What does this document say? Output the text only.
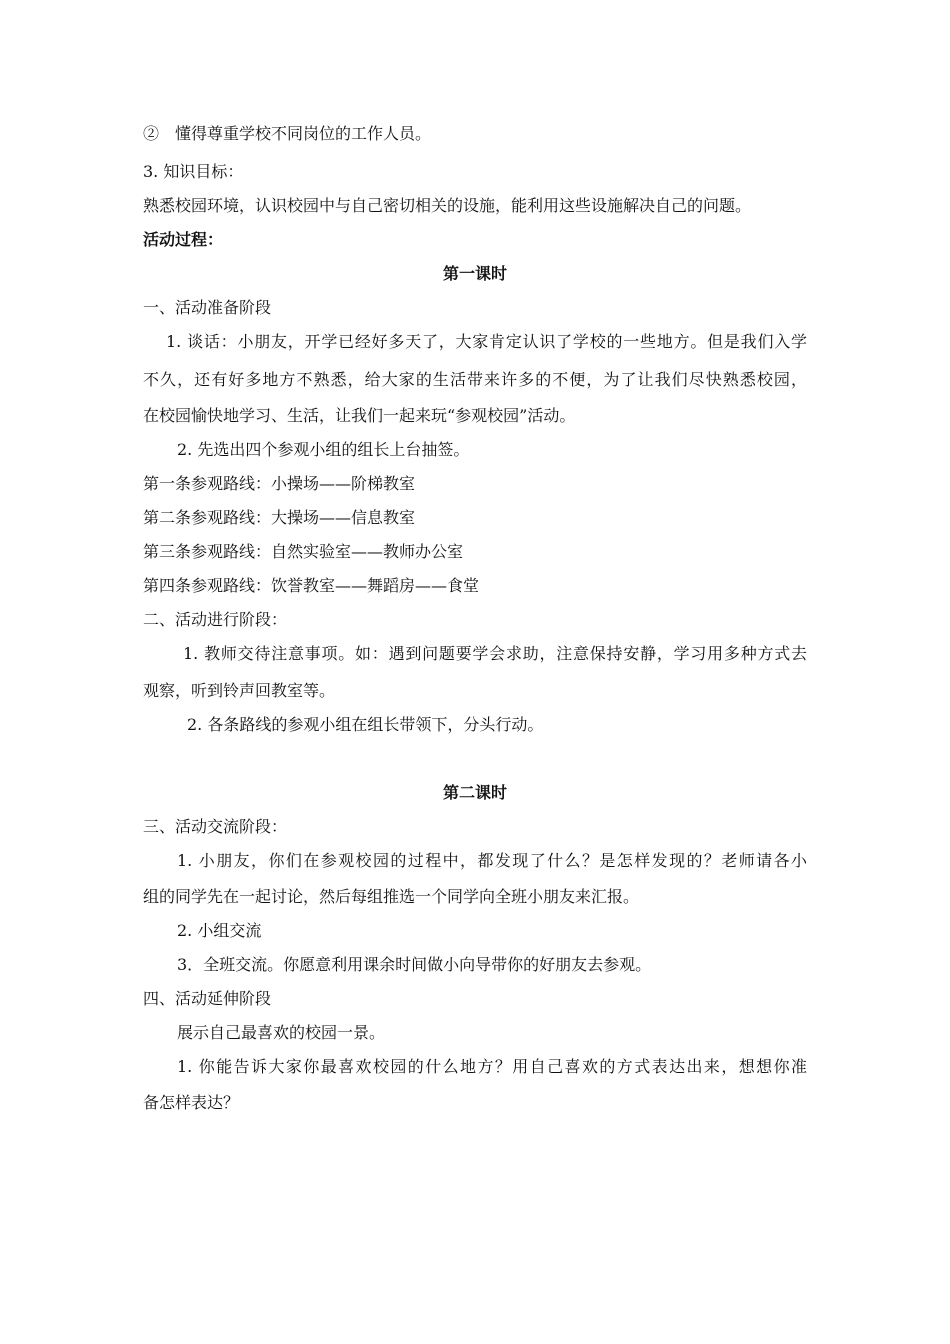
②　懂得尊重学校不同岗位的工作人员。
3. 知识目标：
熟悉校园环境，认识校园中与自己密切相关的设施，能利用这些设施解决自己的问题。
活动过程：
第一课时
一、活动准备阶段
1. 谈话：小朋友，开学已经好多天了，大家肯定认识了学校的一些地方。但是我们入学
不久，还有好多地方不熟悉，给大家的生活带来许多的不便，为了让我们尽快熟悉校园，
在校园愉快地学习、生活，让我们一起来玩“参观校园”活动。
2. 先选出四个参观小组的组长上台抽签。
第一条参观路线：小操场——阶梯教室
第二条参观路线：大操场——信息教室
第三条参观路线：自然实验室——教师办公室
第四条参观路线：饮誉教室——舞蹈房——食堂
二、活动进行阶段：
1. 教师交待注意事项。如：遇到问题要学会求助，注意保持安静，学习用多种方式去
观察，听到铃声回教室等。
2. 各条路线的参观小组在组长带领下，分头行动。
第二课时
三、活动交流阶段：
1. 小朋友，你们在参观校园的过程中，都发现了什么？是怎样发现的？老师请各小
组的同学先在一起讨论，然后每组推选一个同学向全班小朋友来汇报。
2. 小组交流
3．全班交流。你愿意利用课余时间做小向导带你的好朋友去参观。
四、活动延伸阶段
展示自己最喜欢的校园一景。
1. 你能告诉大家你最喜欢校园的什么地方？用自己喜欢的方式表达出来，想想你准
备怎样表达？
